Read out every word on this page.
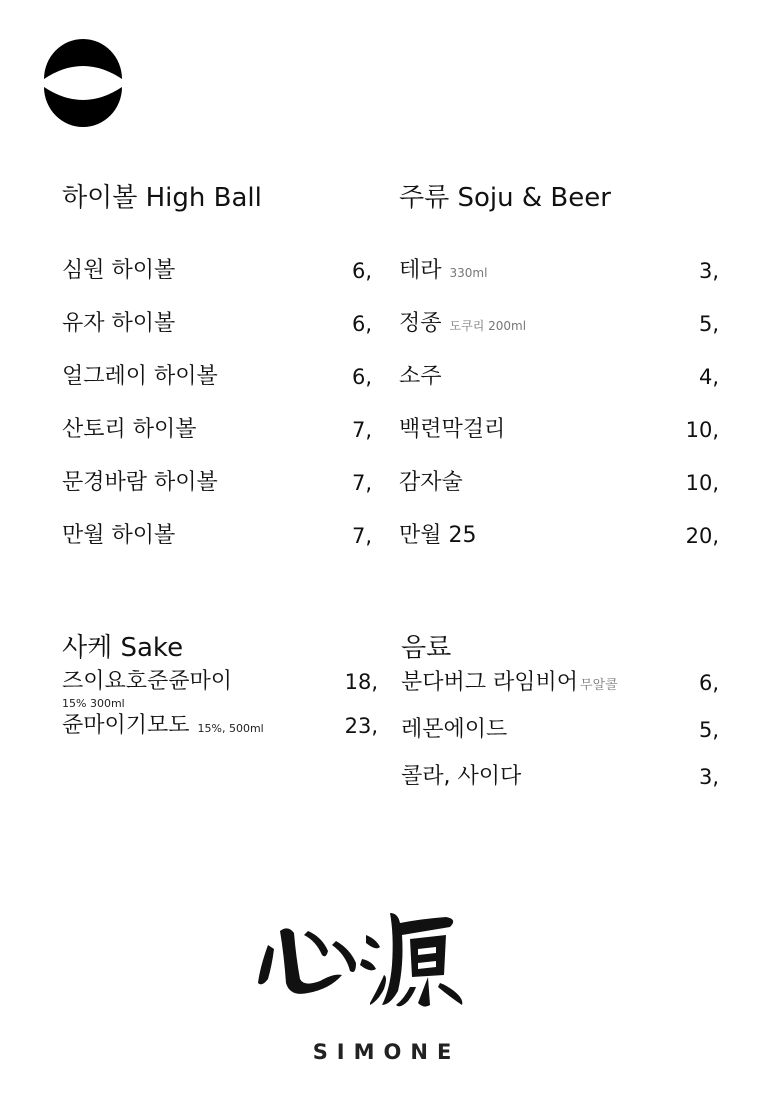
하이볼 High Ball
심원 하이볼	6,
유자 하이볼	6,
얼그레이 하이볼	6,
산토리 하이볼	7,
문경바람 하이볼	7,
만월 하이볼	7,
주류 Soju & Beer
테라 330ml	3,
정종 도쿠리 200ml	5,
소주	4,
백련막걸리	10,
감자술	10,
만월 25	20,
사케 Sake
즈이요호준쥰마이	18,
15% 300ml
쥰마이기모도 15%, 500ml	23,
음료
분다버그 라임비어 무알콜	6,
레몬에이드	5,
콜라, 사이다	3,
SIMONE
